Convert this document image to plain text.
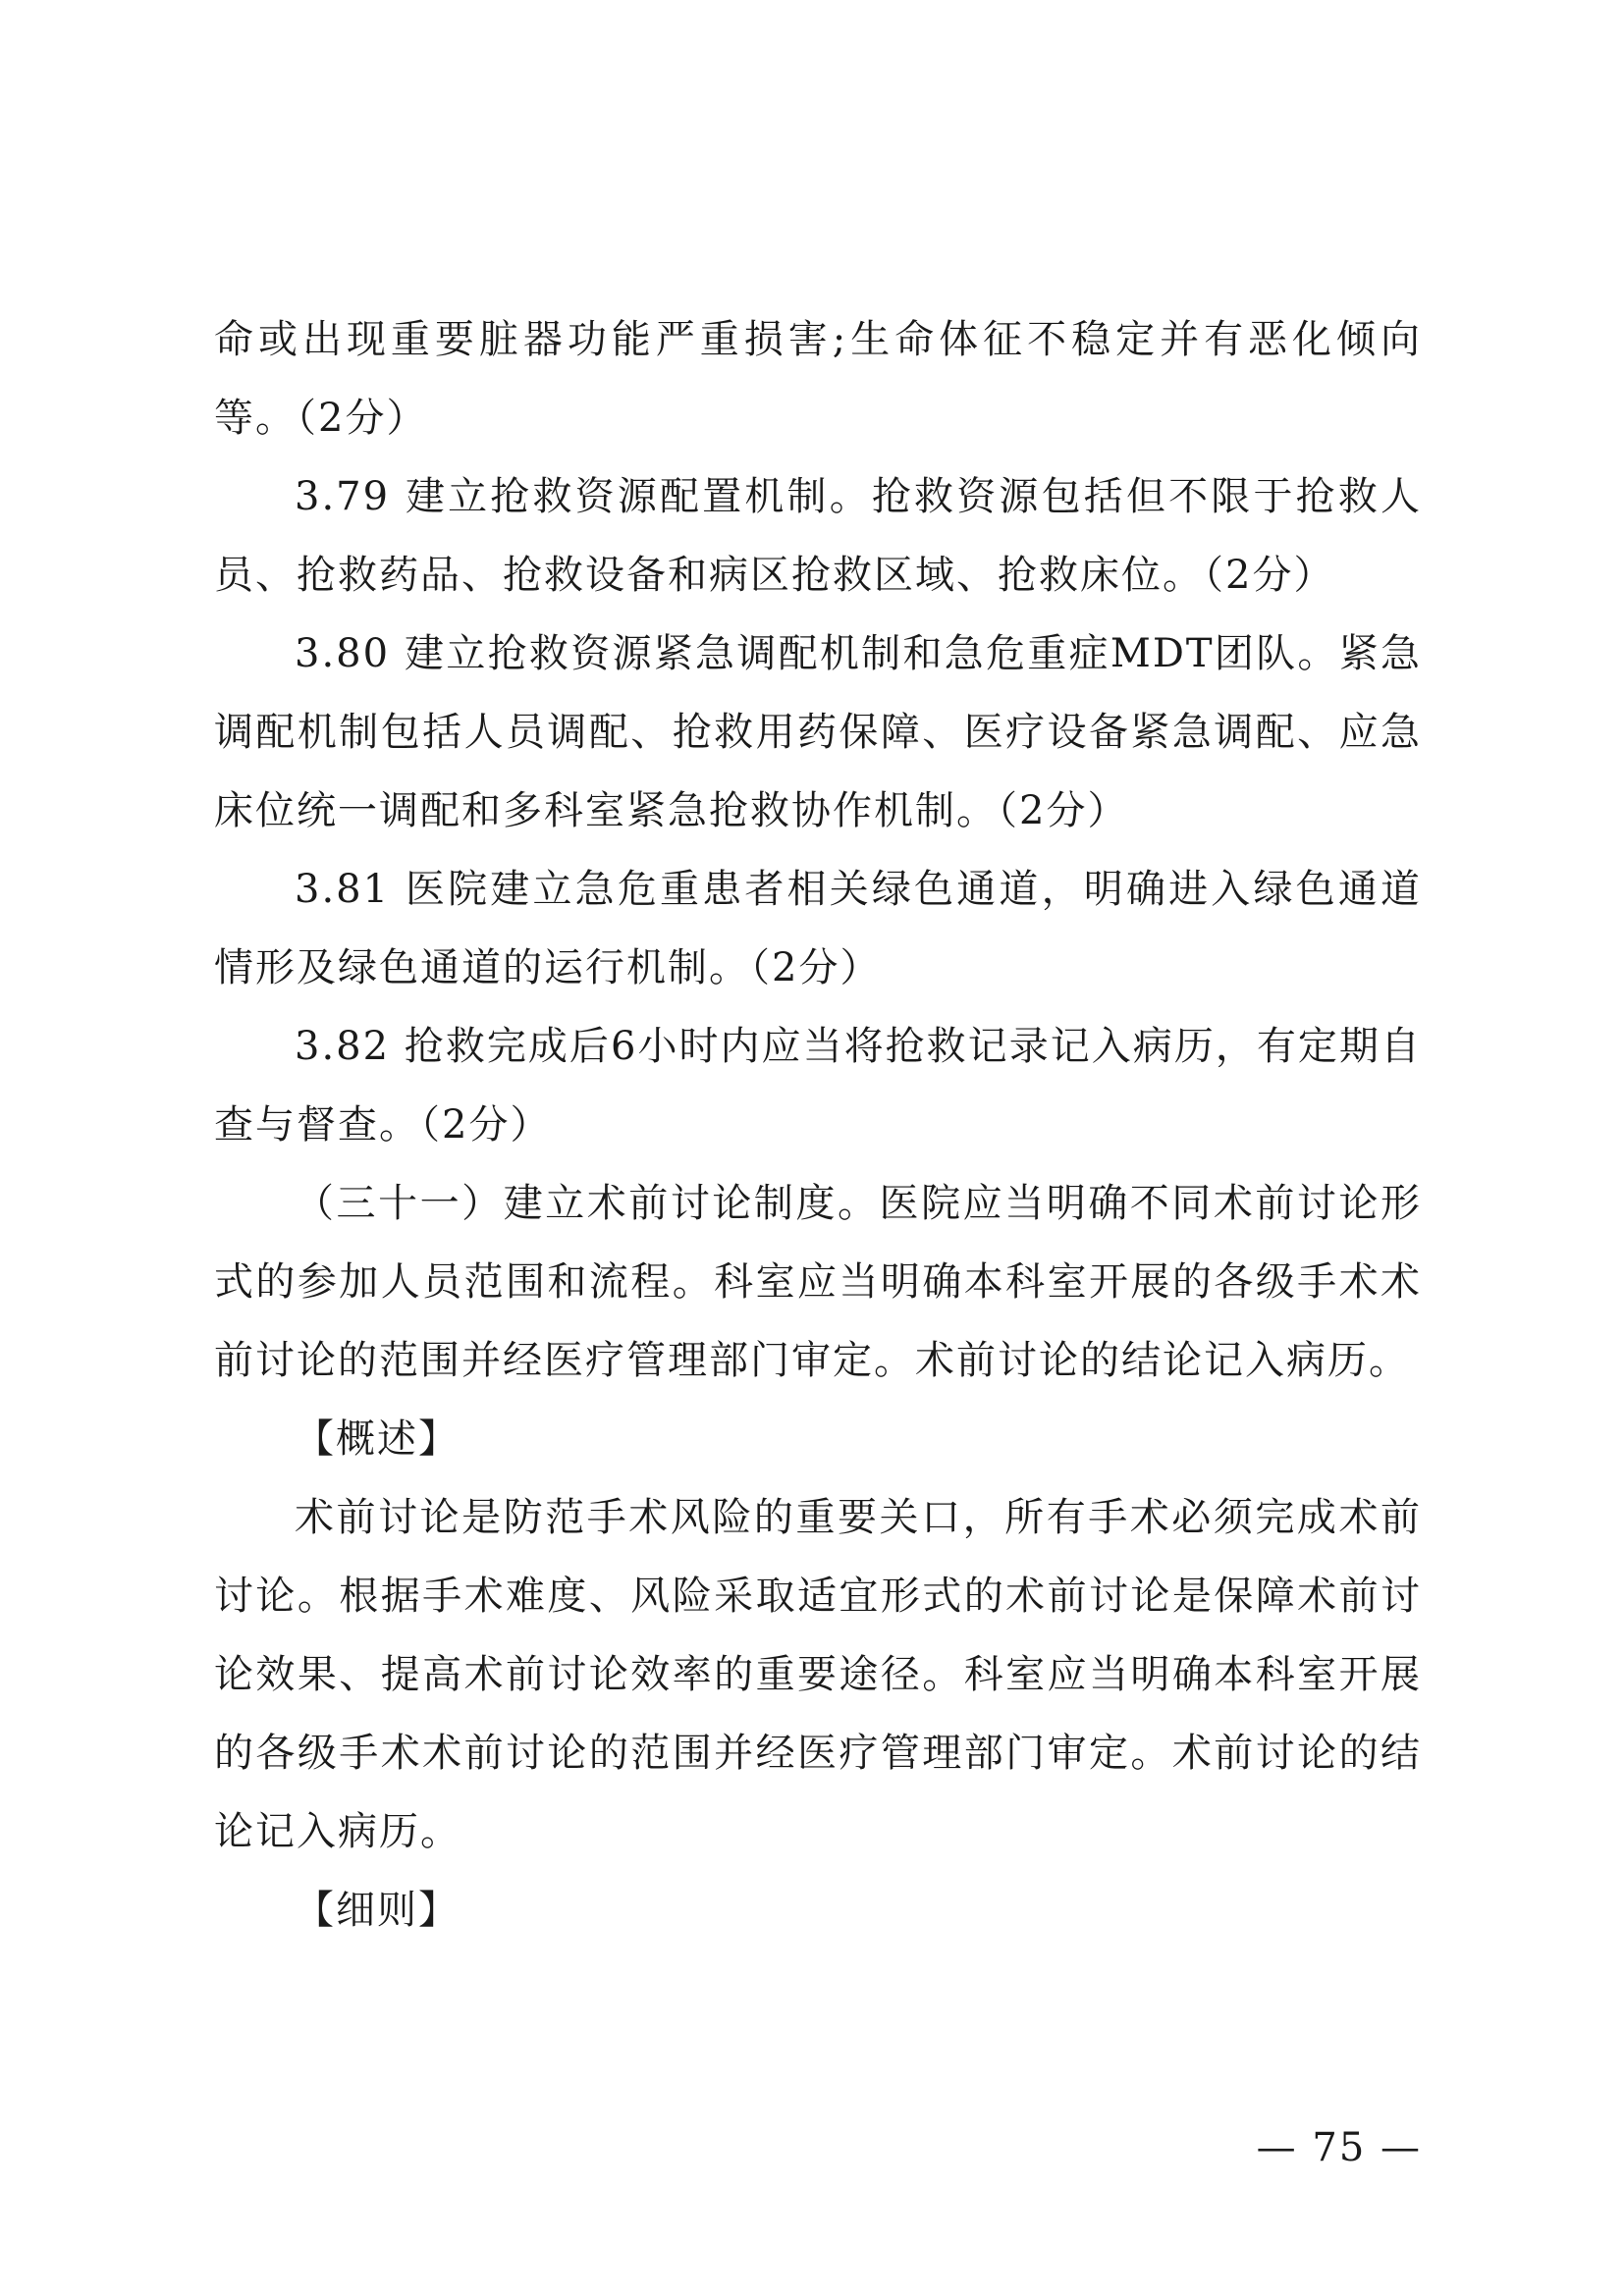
命或出现重要脏器功能严重损害;生命体征不稳定并有恶化倾向等。（2分）

3.79 建立抢救资源配置机制。抢救资源包括但不限于抢救人员、抢救药品、抢救设备和病区抢救区域、抢救床位。（2分）

3.80 建立抢救资源紧急调配机制和急危重症MDT团队。紧急调配机制包括人员调配、抢救用药保障、医疗设备紧急调配、应急床位统一调配和多科室紧急抢救协作机制。（2分）

3.81 医院建立急危重患者相关绿色通道，明确进入绿色通道情形及绿色通道的运行机制。（2分）

3.82 抢救完成后6小时内应当将抢救记录记入病历，有定期自查与督查。（2分）

（三十一）建立术前讨论制度。医院应当明确不同术前讨论形式的参加人员范围和流程。科室应当明确本科室开展的各级手术术前讨论的范围并经医疗管理部门审定。术前讨论的结论记入病历。

【概述】

术前讨论是防范手术风险的重要关口，所有手术必须完成术前讨论。根据手术难度、风险采取适宜形式的术前讨论是保障术前讨论效果、提高术前讨论效率的重要途径。科室应当明确本科室开展的各级手术术前讨论的范围并经医疗管理部门审定。术前讨论的结论记入病历。

【细则】

— 75 —
